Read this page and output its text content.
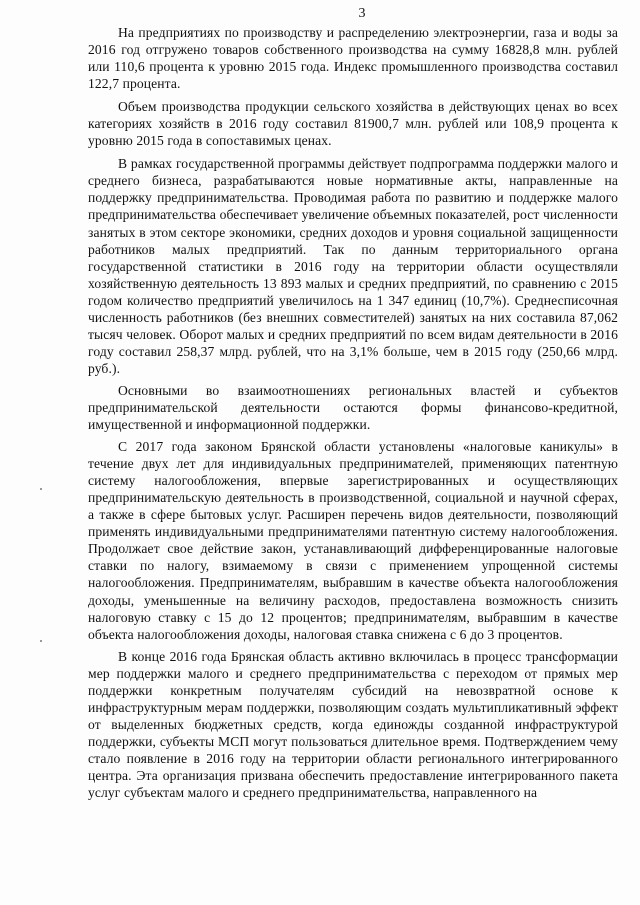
3

На предприятиях по производству и распределению электроэнергии, газа и воды за 2016 год отгружено товаров собственного производства на сумму 16828,8 млн. рублей или 110,6 процента к уровню 2015 года. Индекс промышленного производства составил 122,7 процента.

Объем производства продукции сельского хозяйства в действующих ценах во всех категориях хозяйств в 2016 году составил 81900,7 млн. рублей или 108,9 процента к уровню 2015 года в сопоставимых ценах.

В рамках государственной программы действует подпрограмма поддержки малого и среднего бизнеса, разрабатываются новые нормативные акты, направленные на поддержку предпринимательства. Проводимая работа по развитию и поддержке малого предпринимательства обеспечивает увеличение объемных показателей, рост численности занятых в этом секторе экономики, средних доходов и уровня социальной защищенности работников малых предприятий. Так по данным территориального органа государственной статистики в 2016 году на территории области осуществляли хозяйственную деятельность 13 893 малых и средних предприятий, по сравнению с 2015 годом количество предприятий увеличилось на 1 347 единиц (10,7%). Среднесписочная численность работников (без внешних совместителей) занятых на них составила 87,062 тысяч человек. Оборот малых и средних предприятий по всем видам деятельности в 2016 году составил 258,37 млрд. рублей, что на 3,1% больше, чем в 2015 году (250,66 млрд. руб.).

Основными во взаимоотношениях региональных властей и субъектов предпринимательской деятельности остаются формы финансово-кредитной, имущественной и информационной поддержки.

С 2017 года законом Брянской области установлены «налоговые каникулы» в течение двух лет для индивидуальных предпринимателей, применяющих патентную систему налогообложения, впервые зарегистрированных и осуществляющих предпринимательскую деятельность в производственной, социальной и научной сферах, а также в сфере бытовых услуг. Расширен перечень видов деятельности, позволяющий применять индивидуальными предпринимателями патентную систему налогообложения. Продолжает свое действие закон, устанавливающий дифференцированные налоговые ставки по налогу, взимаемому в связи с применением упрощенной системы налогообложения. Предпринимателям, выбравшим в качестве объекта налогообложения доходы, уменьшенные на величину расходов, предоставлена возможность снизить налоговую ставку с 15 до 12 процентов; предпринимателям, выбравшим в качестве объекта налогообложения доходы, налоговая ставка снижена с 6 до 3 процентов.

В конце 2016 года Брянская область активно включилась в процесс трансформации мер поддержки малого и среднего предпринимательства с переходом от прямых мер поддержки конкретным получателям субсидий на невозвратной основе к инфраструктурным мерам поддержки, позволяющим создать мультипликативный эффект от выделенных бюджетных средств, когда единожды созданной инфраструктурой поддержки, субъекты МСП могут пользоваться длительное время. Подтверждением чему стало появление в 2016 году на территории области регионального интегрированного центра. Эта организация призвана обеспечить предоставление интегрированного пакета услуг субъектам малого и среднего предпринимательства, направленного на
